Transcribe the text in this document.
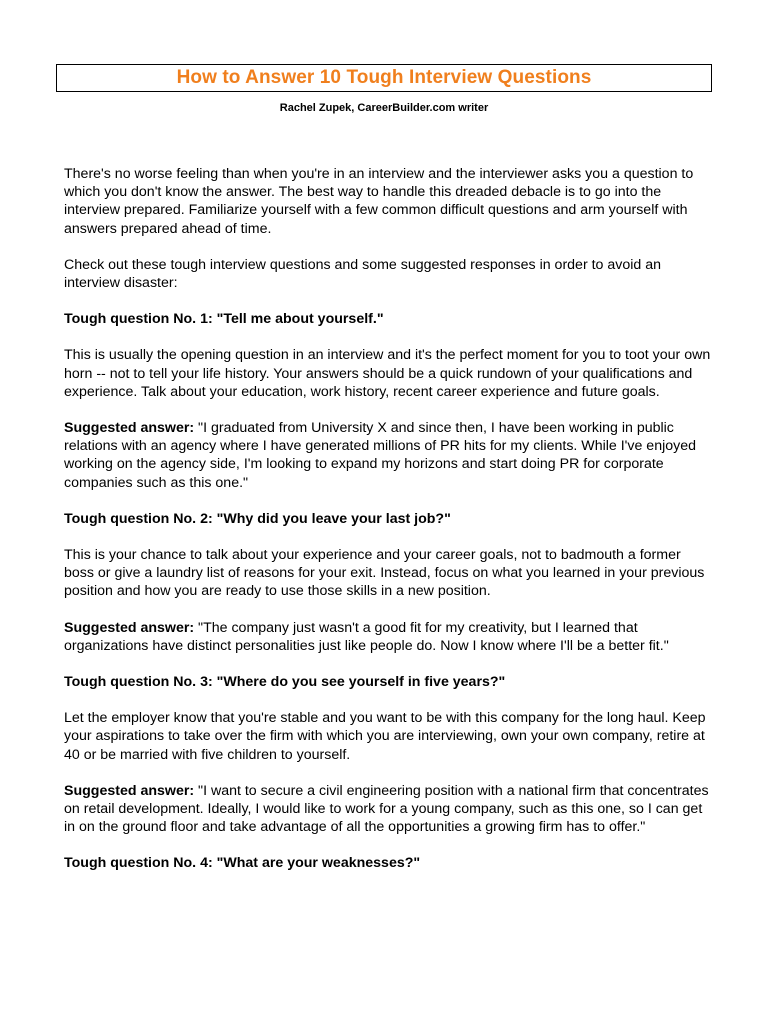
How to Answer 10 Tough Interview Questions
Rachel Zupek, CareerBuilder.com writer

There's no worse feeling than when you're in an interview and the interviewer asks you a question to which you don't know the answer. The best way to handle this dreaded debacle is to go into the interview prepared. Familiarize yourself with a few common difficult questions and arm yourself with answers prepared ahead of time.

Check out these tough interview questions and some suggested responses in order to avoid an interview disaster:

Tough question No. 1: "Tell me about yourself."

This is usually the opening question in an interview and it's the perfect moment for you to toot your own horn -- not to tell your life history. Your answers should be a quick rundown of your qualifications and experience. Talk about your education, work history, recent career experience and future goals.

Suggested answer: "I graduated from University X and since then, I have been working in public relations with an agency where I have generated millions of PR hits for my clients. While I've enjoyed working on the agency side, I'm looking to expand my horizons and start doing PR for corporate companies such as this one."

Tough question No. 2: "Why did you leave your last job?"

This is your chance to talk about your experience and your career goals, not to badmouth a former boss or give a laundry list of reasons for your exit. Instead, focus on what you learned in your previous position and how you are ready to use those skills in a new position.

Suggested answer: "The company just wasn't a good fit for my creativity, but I learned that organizations have distinct personalities just like people do. Now I know where I'll be a better fit."

Tough question No. 3: "Where do you see yourself in five years?"

Let the employer know that you're stable and you want to be with this company for the long haul. Keep your aspirations to take over the firm with which you are interviewing, own your own company, retire at 40 or be married with five children to yourself.

Suggested answer: "I want to secure a civil engineering position with a national firm that concentrates on retail development. Ideally, I would like to work for a young company, such as this one, so I can get in on the ground floor and take advantage of all the opportunities a growing firm has to offer."

Tough question No. 4: "What are your weaknesses?"
